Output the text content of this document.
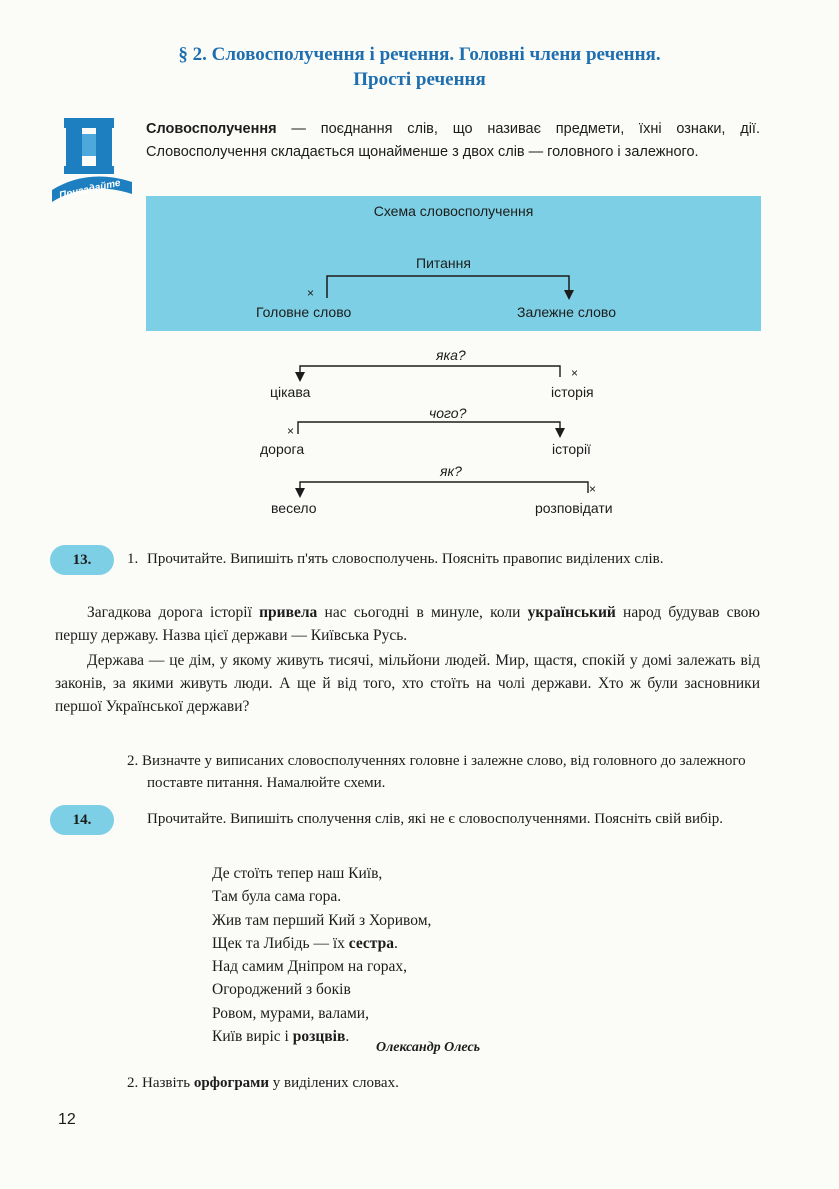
§ 2. Словосполучення і речення. Головні члени речення.
Прості речення
Пригадайте
Словосполучення — поєднання слів, що називає предмети, їхні ознаки, дії. Словосполучення складається щонайменше з двох слів — головного і залежного.
Схема словосполучення
Питання
×
Головне слово	Залежне слово
яка?
×
цікава	історія
чого?
×
дорога	історії
як?
×
весело	розповідати
13.	1. Прочитайте. Випишіть п'ять словосполучень. Поясніть правопис виділених слів.

Загадкова дорога історії привела нас сьогодні в минуле, коли український народ будував свою першу державу. Назва цієї держави — Київська Русь.

Держава — це дім, у якому живуть тисячі, мільйони людей. Мир, щастя, спокій у домі залежать від законів, за якими живуть люди. А ще й від того, хто стоїть на чолі держави. Хто ж були засновники першої Української держави?

2. Визначте у виписаних словосполученнях головне і залежне слово, від головного до залежного поставте питання. Намалюйте схеми.
14.	Прочитайте. Випишіть сполучення слів, які не є словосполученнями. Поясніть свій вибір.
Де стоїть тепер наш Київ,
Там була сама гора.
Жив там перший Кий з Хоривом,
Щек та Либідь — їх сестра.
Над самим Дніпром на горах,
Огороджений з боків
Ровом, мурами, валами,
Київ виріс і розцвів.
Олександр Олесь
2. Назвіть орфограми у виділених словах.
12
